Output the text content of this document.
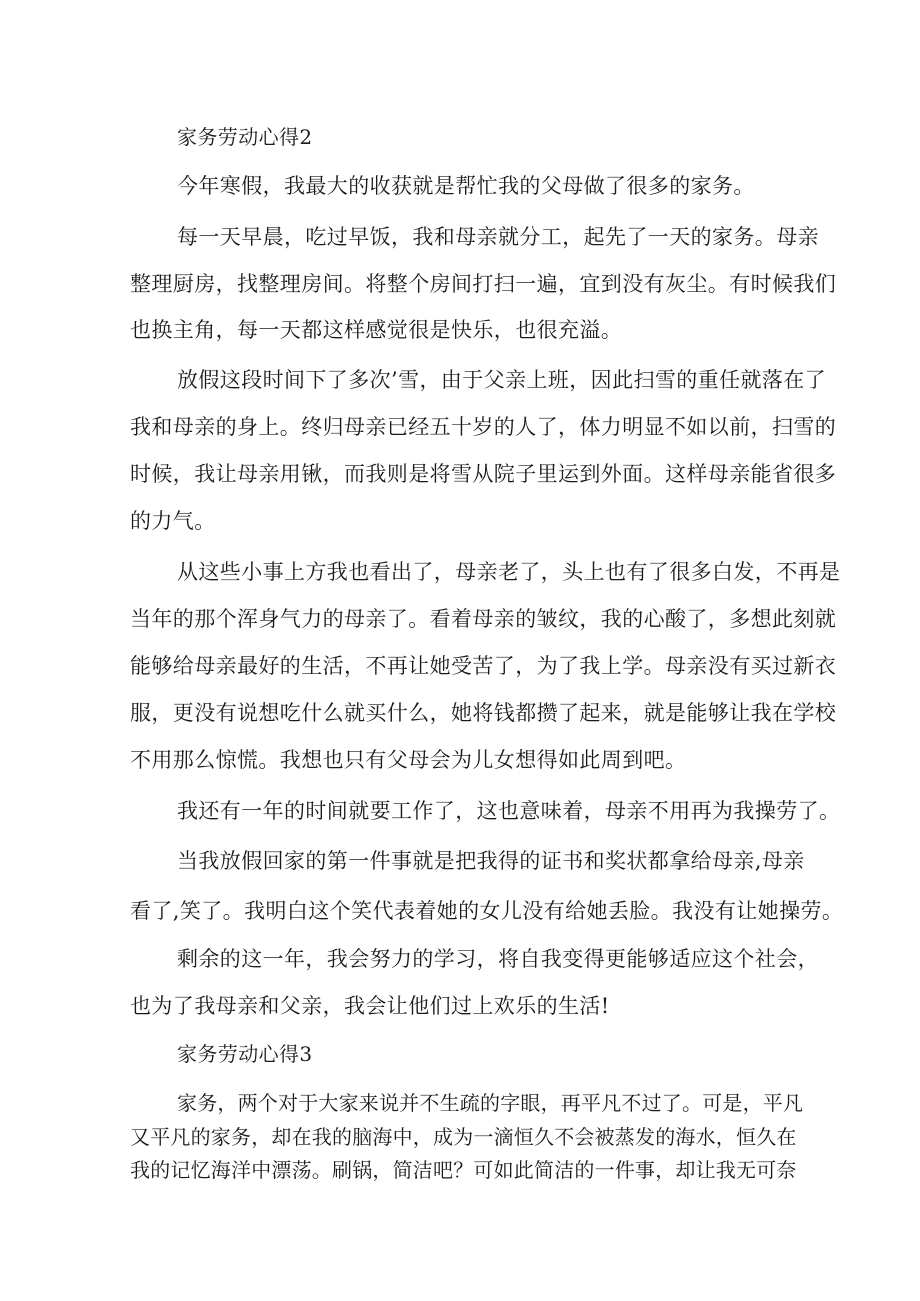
家务劳动心得2
今年寒假，我最大的收获就是帮忙我的父母做了很多的家务。
每一天早晨，吃过早饭，我和母亲就分工，起先了一天的家务。母亲
整理厨房，找整理房间。将整个房间打扫一遍，宜到没有灰尘。有时候我们
也换主角，每一天都这样感觉很是快乐，也很充溢。
放假这段时间下了多次’雪，由于父亲上班，因此扫雪的重任就落在了
我和母亲的身上。终归母亲已经五十岁的人了，体力明显不如以前，扫雪的
时候，我让母亲用锹，而我则是将雪从院子里运到外面。这样母亲能省很多
的力气。
从这些小事上方我也看出了，母亲老了，头上也有了很多白发，不再是
当年的那个浑身气力的母亲了。看着母亲的皱纹，我的心酸了，多想此刻就
能够给母亲最好的生活，不再让她受苦了，为了我上学。母亲没有买过新衣
服，更没有说想吃什么就买什么，她将钱都攒了起来，就是能够让我在学校
不用那么惊慌。我想也只有父母会为儿女想得如此周到吧。
我还有一年的时间就要工作了，这也意味着，母亲不用再为我操劳了。
当我放假回家的第一件事就是把我得的证书和奖状都拿给母亲,母亲
看了,笑了。我明白这个笑代表着她的女儿没有给她丢脸。我没有让她操劳。
剩余的这一年，我会努力的学习，将自我变得更能够适应这个社会，
也为了我母亲和父亲，我会让他们过上欢乐的生活!
家务劳动心得3
家务，两个对于大家来说并不生疏的字眼，再平凡不过了。可是，平凡
又平凡的家务，却在我的脑海中，成为一滴恒久不会被蒸发的海水，恒久在
我的记忆海洋中漂荡。刷锅，简洁吧？可如此简洁的一件事，却让我无可奈
